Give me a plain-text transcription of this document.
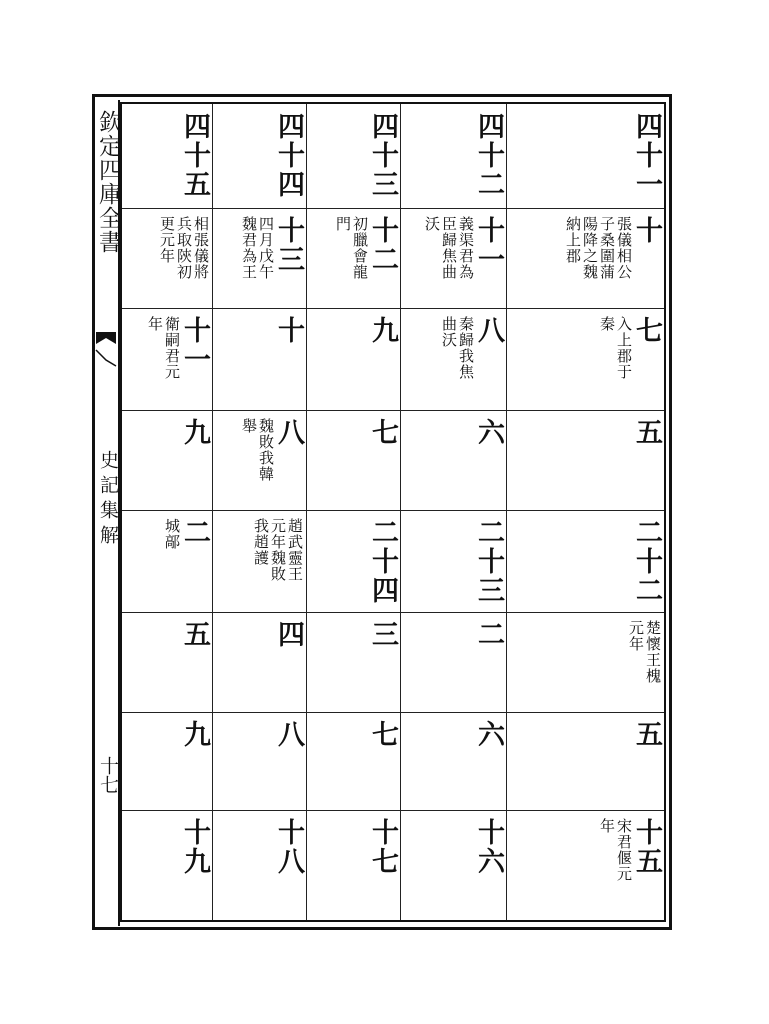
欽定四庫全書
史記集解
十七
四十一
十
張儀相公
子桑圍蒲
陽降之魏
納上郡
七
入上郡于
秦
五
二十二
楚懷王槐
元年
五
十五
宋君偃元
年
四十二
十一
義渠君為
臣歸焦曲
沃
八
秦歸我焦
曲沃
六
二十三
二
六
十六
四十三
十二
初臘會龍
門
九
七
二十四
三
七
十七
四十四
十三
四月戊午
魏君為王
十
八
魏敗我韓
舉
趙武靈王
元年魏敗
我趙護
四
八
十八
四十五
相張儀將
兵取陝初
更元年
十一
衛嗣君元
年
九
二
城鄗
五
九
十九
